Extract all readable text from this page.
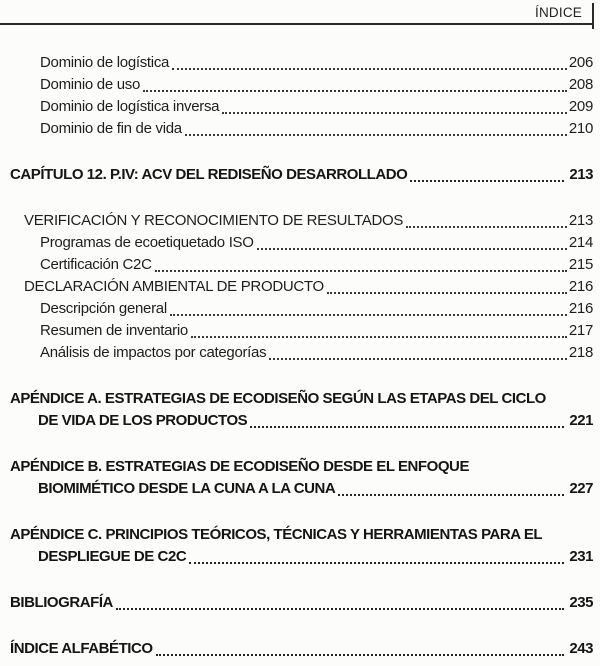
ÍNDICE
Dominio de logística	206
Dominio de uso	208
Dominio de logística inversa	209
Dominio de fin de vida	210
CAPÍTULO 12. P.IV: ACV DEL REDISEÑO DESARROLLADO	213
VERIFICACIÓN Y RECONOCIMIENTO DE RESULTADOS	213
Programas de ecoetiquetado ISO	214
Certificación C2C	215
DECLARACIÓN AMBIENTAL DE PRODUCTO	216
Descripción general	216
Resumen de inventario	217
Análisis de impactos por categorías	218
APÉNDICE A. ESTRATEGIAS DE ECODISEÑO SEGÚN LAS ETAPAS DEL CICLO
DE VIDA DE LOS PRODUCTOS	221
APÉNDICE B. ESTRATEGIAS DE ECODISEÑO DESDE EL ENFOQUE
BIOMIMÉTICO DESDE LA CUNA A LA CUNA	227
APÉNDICE C. PRINCIPIOS TEÓRICOS, TÉCNICAS Y HERRAMIENTAS PARA EL
DESPLIEGUE DE C2C	231
BIBLIOGRAFÍA	235
ÍNDICE ALFABÉTICO	243
